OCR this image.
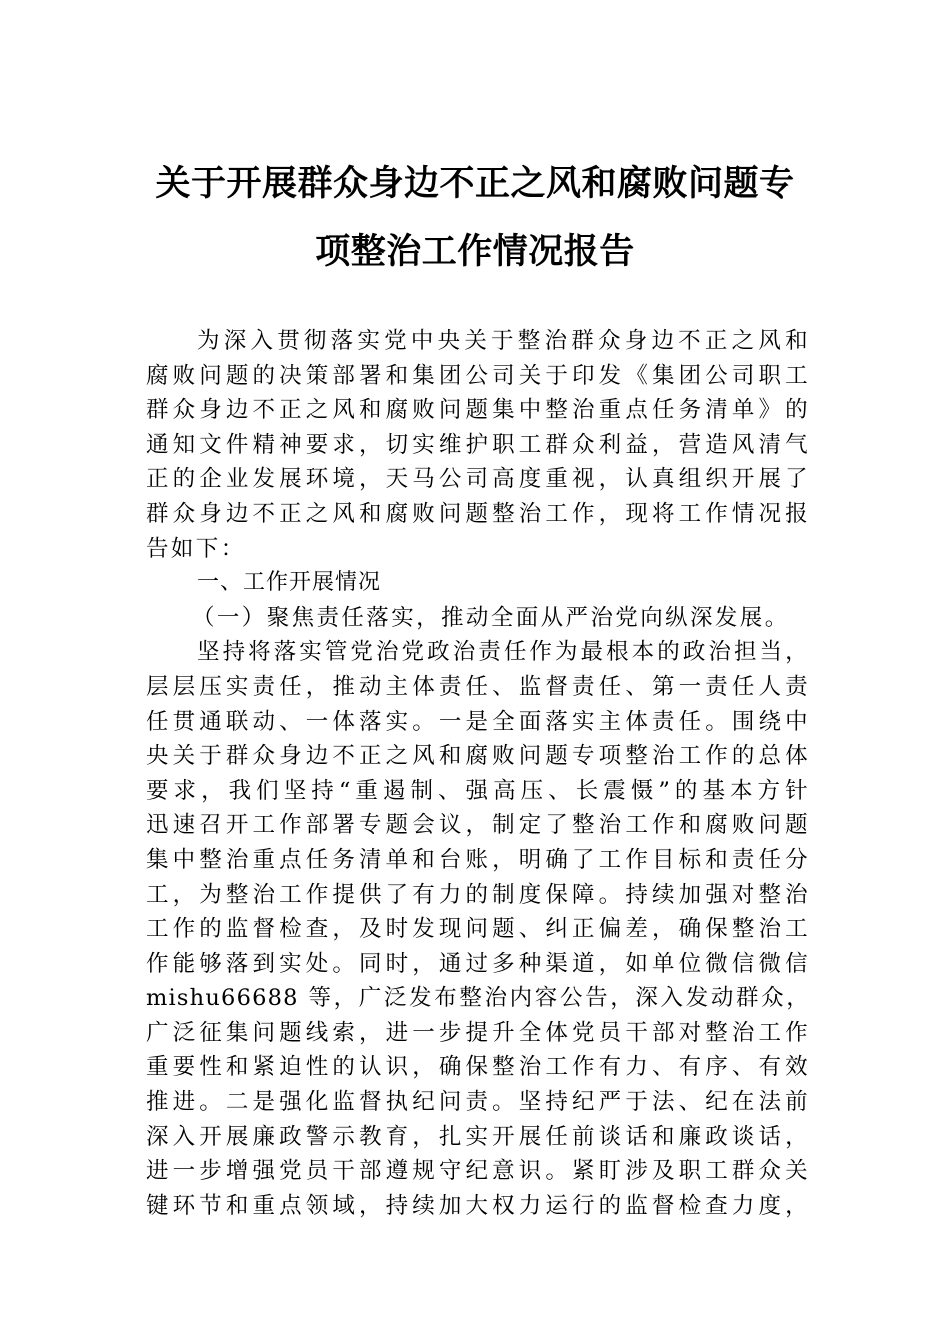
关于开展群众身边不正之风和腐败问题专
项整治工作情况报告
为深入贯彻落实党中央关于整治群众身边不正之风和
腐败问题的决策部署和集团公司关于印发《集团公司职工
群众身边不正之风和腐败问题集中整治重点任务清单》的
通知文件精神要求，切实维护职工群众利益，营造风清气
正的企业发展环境，天马公司高度重视，认真组织开展了
群众身边不正之风和腐败问题整治工作，现将工作情况报
告如下：
一、工作开展情况
（一）聚焦责任落实，推动全面从严治党向纵深发展。
坚持将落实管党治党政治责任作为最根本的政治担当，
层层压实责任，推动主体责任、监督责任、第一责任人责
任贯通联动、一体落实。一是全面落实主体责任。围绕中
央关于群众身边不正之风和腐败问题专项整治工作的总体
要求，我们坚持“重遏制、强高压、长震慑”的基本方针
迅速召开工作部署专题会议，制定了整治工作和腐败问题
集中整治重点任务清单和台账，明确了工作目标和责任分
工，为整治工作提供了有力的制度保障。持续加强对整治
工作的监督检查，及时发现问题、纠正偏差，确保整治工
作能够落到实处。同时，通过多种渠道，如单位微信微信
mishu66688 等，广泛发布整治内容公告，深入发动群众，
广泛征集问题线索，进一步提升全体党员干部对整治工作
重要性和紧迫性的认识，确保整治工作有力、有序、有效
推进。二是强化监督执纪问责。坚持纪严于法、纪在法前
深入开展廉政警示教育，扎实开展任前谈话和廉政谈话，
进一步增强党员干部遵规守纪意识。紧盯涉及职工群众关
键环节和重点领域，持续加大权力运行的监督检查力度，
